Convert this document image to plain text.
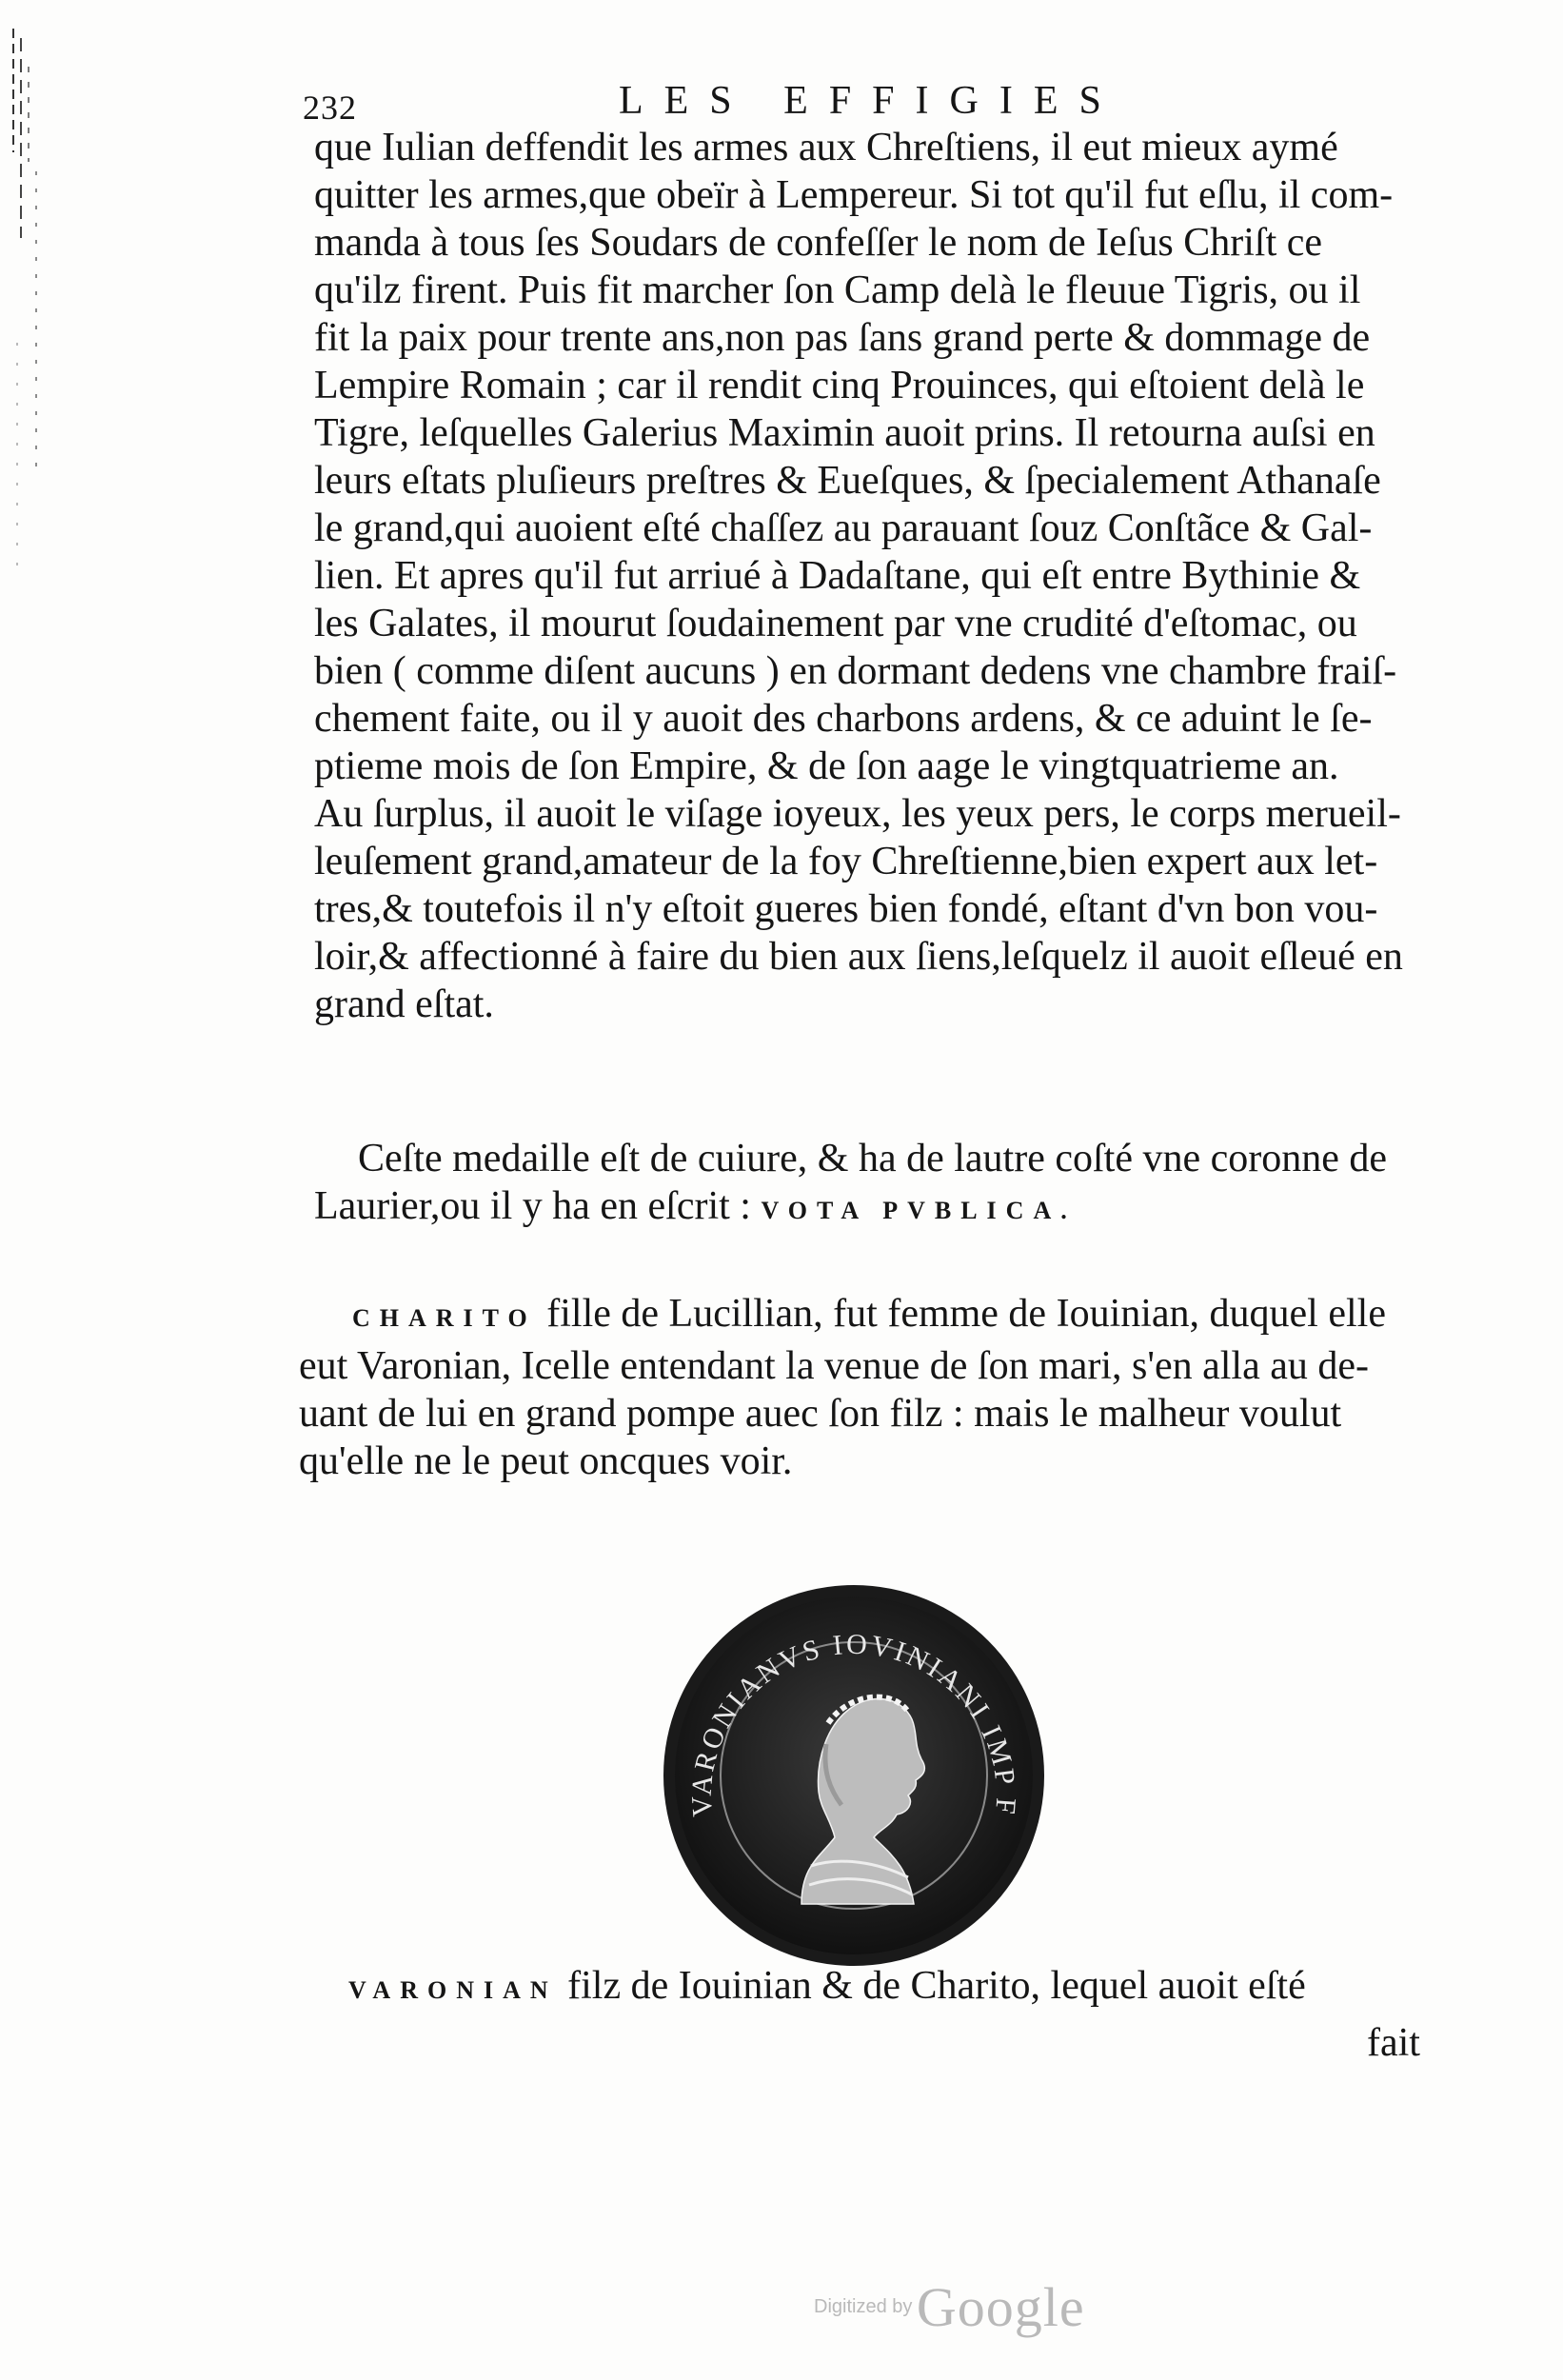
232	LES EFFIGIES
que Iulian deffendit les armes aux Chreſtiens, il eut mieux aymé
quitter les armes,que obeïr à Lempereur. Si tot qu'il fut eſlu, il com-
manda à tous ſes Soudars de confeſſer le nom de Ieſus Chriſt ce
qu'ilz firent. Puis fit marcher ſon Camp delà le fleuue Tigris, ou il
fit la paix pour trente ans,non pas ſans grand perte & dommage de
Lempire Romain ; car il rendit cinq Prouinces, qui eſtoient delà le
Tigre, leſquelles Galerius Maximin auoit prins. Il retourna auſsi en
leurs eſtats pluſieurs preſtres & Eueſques, & ſpecialement Athanaſe
le grand,qui auoient eſté chaſſez au parauant ſouz Conſtãce & Gal-
lien. Et apres qu'il fut arriué à Dadaſtane, qui eſt entre Bythinie &
les Galates, il mourut ſoudainement par vne crudité d'eſtomac, ou
bien ( comme diſent aucuns ) en dormant dedens vne chambre fraiſ-
chement faite, ou il y auoit des charbons ardens, & ce aduint le ſe-
ptieme mois de ſon Empire, & de ſon aage le vingtquatrieme an.
Au ſurplus, il auoit le viſage ioyeux, les yeux pers, le corps merueil-
leuſement grand,amateur de la foy Chreſtienne,bien expert aux let-
tres,& toutefois il n'y eſtoit gueres bien fondé, eſtant d'vn bon vou-
loir,& affectionné à faire du bien aux ſiens,leſquelz il auoit eſleué en
grand eſtat.
Ceſte medaille eſt de cuiure, & ha de lautre coſté vne coronne de
Laurier,ou il y ha en eſcrit : VOTA PVBLICA.
CHARITO fille de Lucillian, fut femme de Iouinian, duquel elle
eut Varonian, Icelle entendant la venue de ſon mari, s'en alla au de-
uant de lui en grand pompe auec ſon filz : mais le malheur voulut
qu'elle ne le peut oncques voir.
VARONIANVS IOVINIANI IMP F
VARONIAN filz de Iouinian & de Charito, lequel auoit eſté
fait
Digitized by Google
